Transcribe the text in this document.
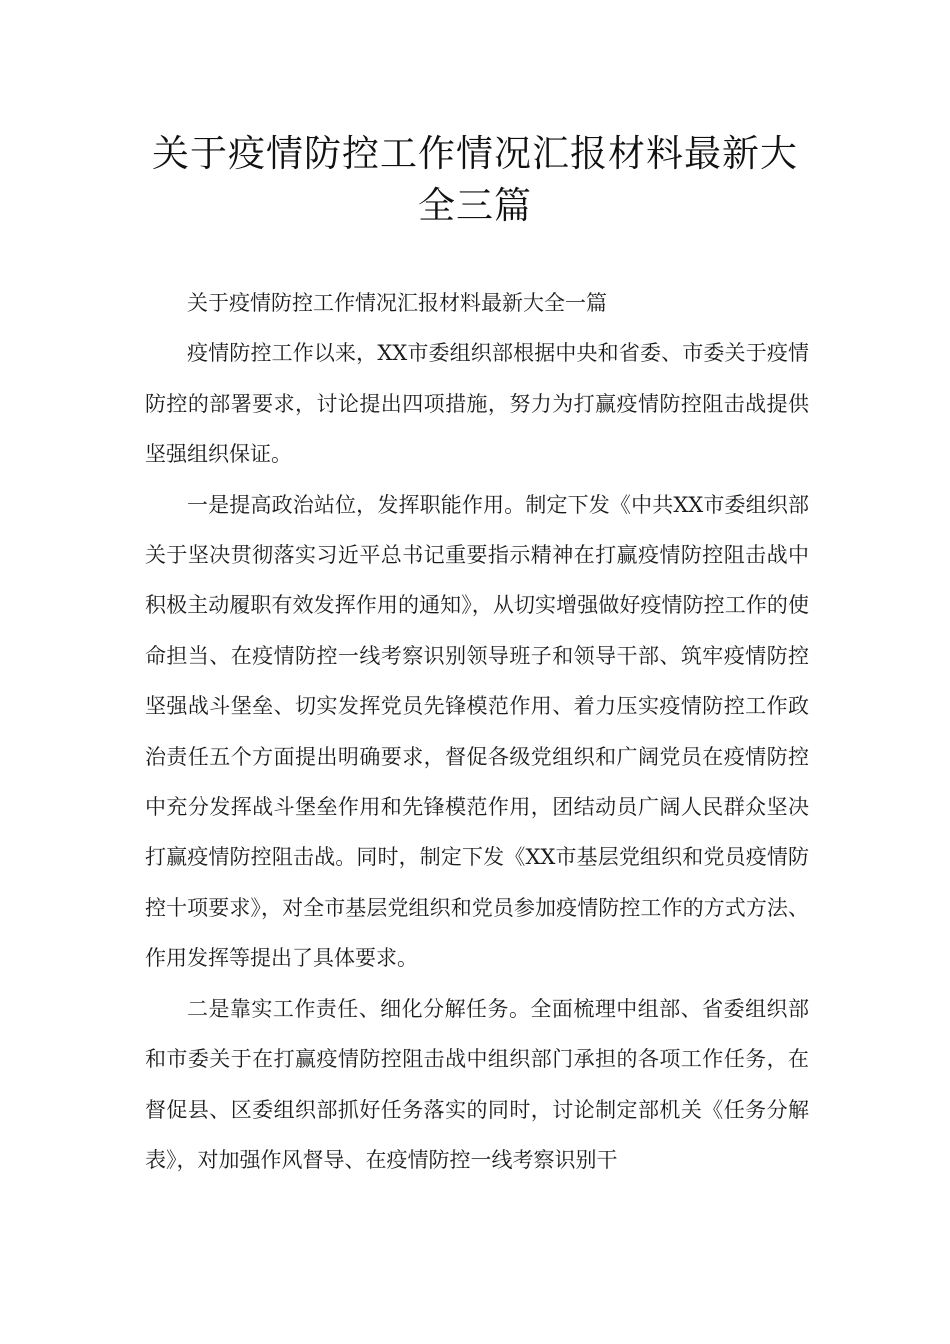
关于疫情防控工作情况汇报材料最新大全三篇

关于疫情防控工作情况汇报材料最新大全一篇

疫情防控工作以来，XX市委组织部根据中央和省委、市委关于疫情防控的部署要求，讨论提出四项措施，努力为打赢疫情防控阻击战提供坚强组织保证。

一是提高政治站位，发挥职能作用。制定下发《中共XX市委组织部关于坚决贯彻落实习近平总书记重要指示精神在打赢疫情防控阻击战中积极主动履职有效发挥作用的通知》，从切实增强做好疫情防控工作的使命担当、在疫情防控一线考察识别领导班子和领导干部、筑牢疫情防控坚强战斗堡垒、切实发挥党员先锋模范作用、着力压实疫情防控工作政治责任五个方面提出明确要求，督促各级党组织和广阔党员在疫情防控中充分发挥战斗堡垒作用和先锋模范作用，团结动员广阔人民群众坚决打赢疫情防控阻击战。同时，制定下发《XX市基层党组织和党员疫情防控十项要求》，对全市基层党组织和党员参加疫情防控工作的方式方法、作用发挥等提出了具体要求。

二是靠实工作责任、细化分解任务。全面梳理中组部、省委组织部和市委关于在打赢疫情防控阻击战中组织部门承担的各项工作任务，在督促县、区委组织部抓好任务落实的同时，讨论制定部机关《任务分解表》，对加强作风督导、在疫情防控一线考察识别干
